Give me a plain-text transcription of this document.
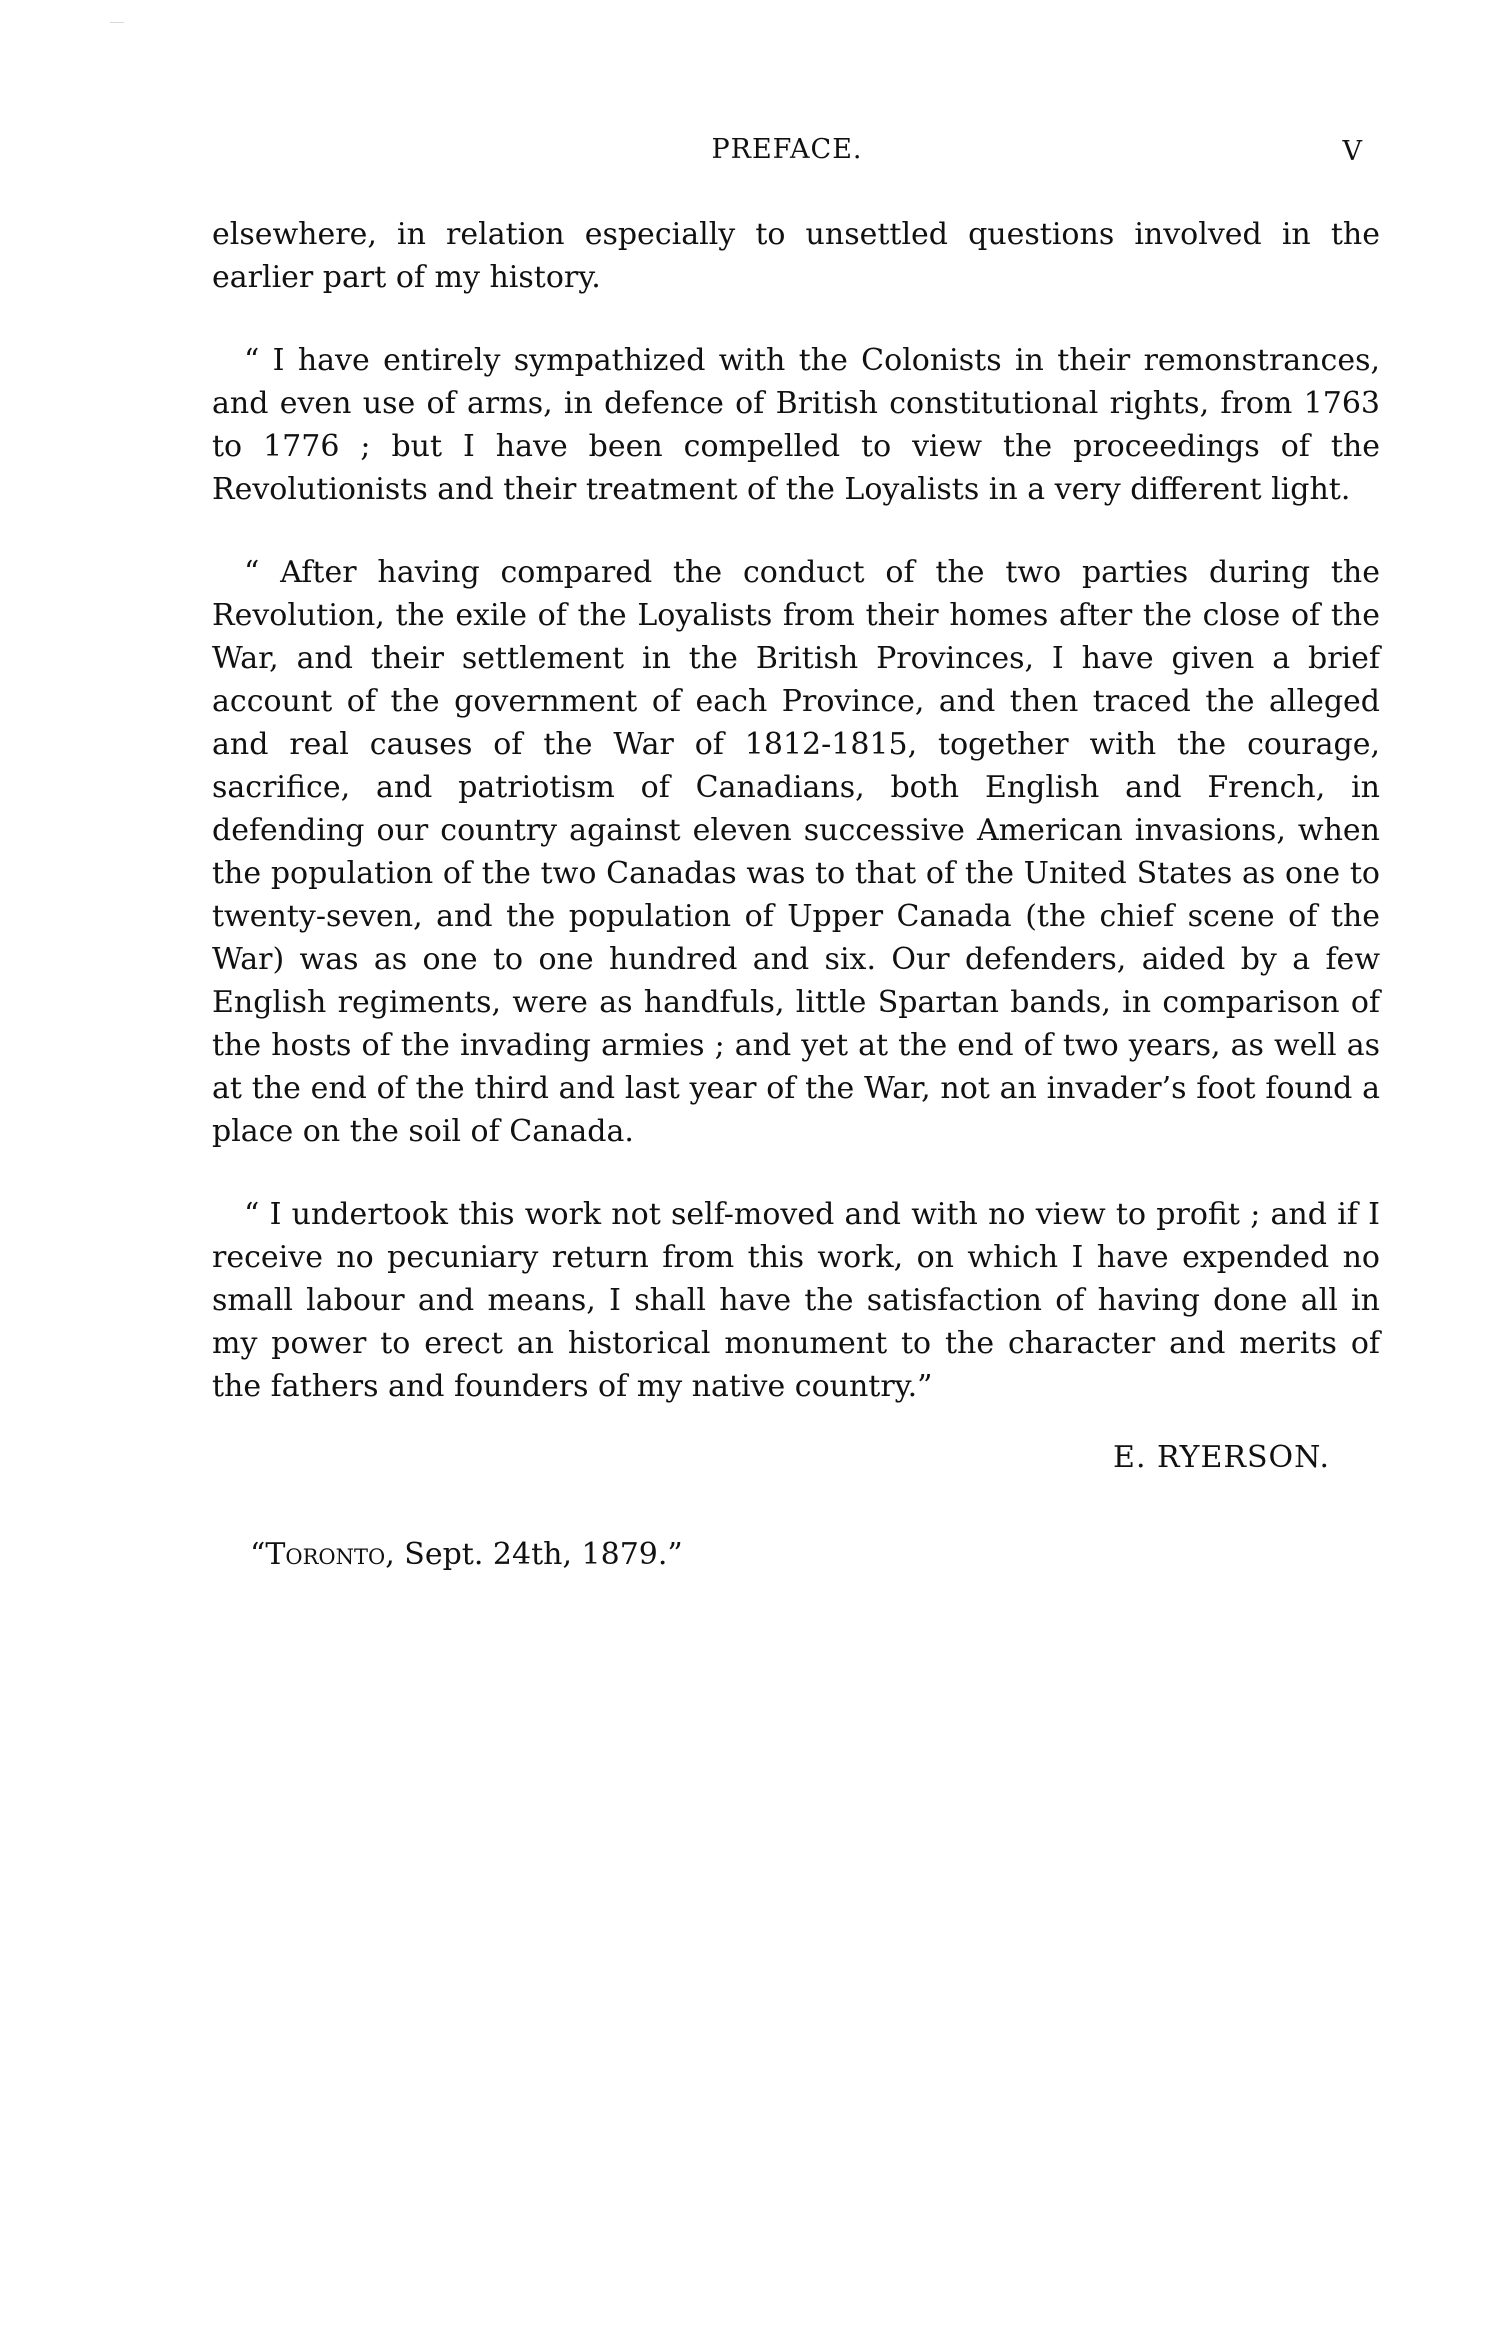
PREFACE.	V

elsewhere, in relation especially to unsettled questions involved in the earlier part of my history.

“ I have entirely sympathized with the Colonists in their remonstrances, and even use of arms, in defence of British constitutional rights, from 1763 to 1776 ; but I have been compelled to view the proceedings of the Revolutionists and their treatment of the Loyalists in a very different light.

“ After having compared the conduct of the two parties during the Revolution, the exile of the Loyalists from their homes after the close of the War, and their settlement in the British Provinces, I have given a brief account of the government of each Province, and then traced the alleged and real causes of the War of 1812-1815, together with the courage, sacrifice, and patriotism of Canadians, both English and French, in defending our country against eleven successive American invasions, when the population of the two Canadas was to that of the United States as one to twenty-seven, and the population of Upper Canada (the chief scene of the War) was as one to one hundred and six. Our defenders, aided by a few English regiments, were as handfuls, little Spartan bands, in comparison of the hosts of the invading armies ; and yet at the end of two years, as well as at the end of the third and last year of the War, not an invader’s foot found a place on the soil of Canada.

“ I undertook this work not self-moved and with no view to profit ; and if I receive no pecuniary return from this work, on which I have expended no small labour and means, I shall have the satisfaction of having done all in my power to erect an historical monument to the character and merits of the fathers and founders of my native country.”

E. RYERSON.
“Toronto, Sept. 24th, 1879.”
